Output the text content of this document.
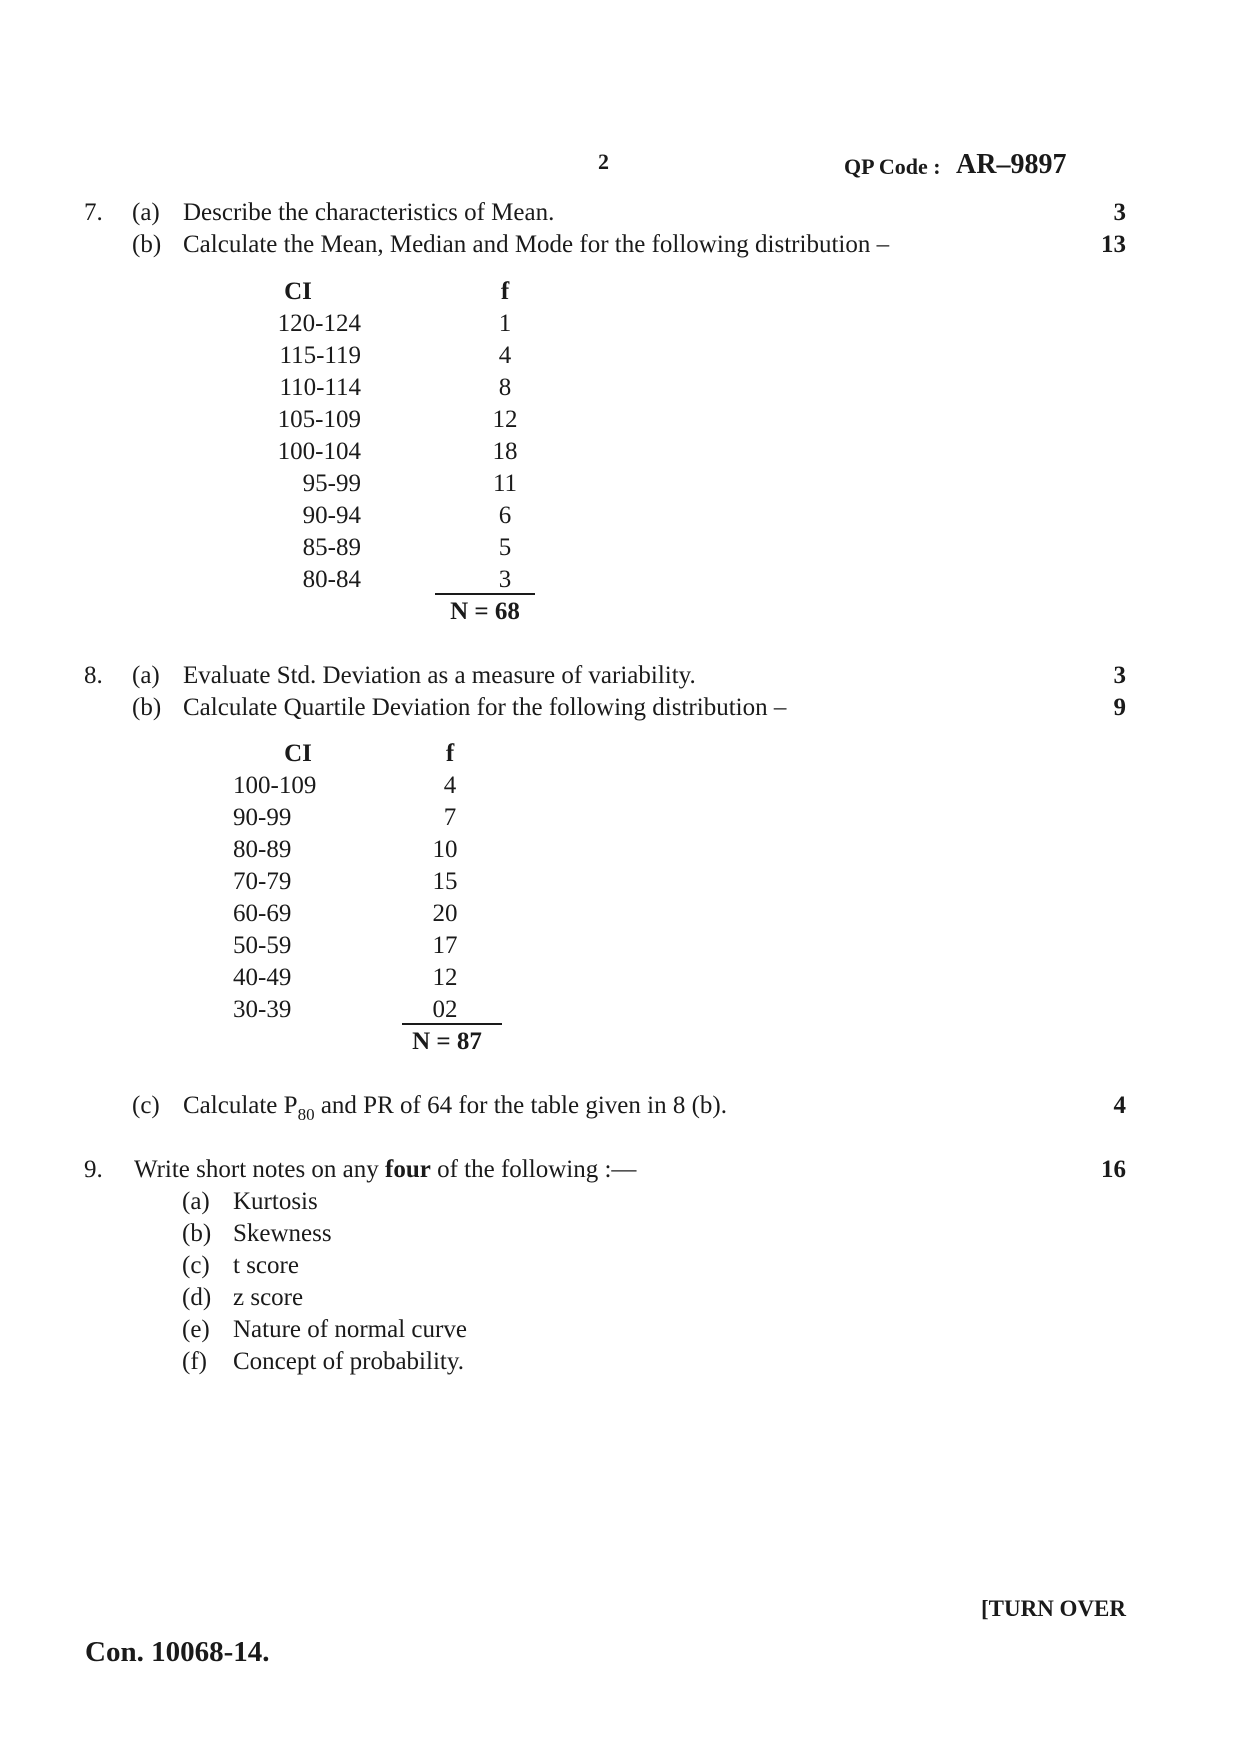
2	QP Code : AR–9897
7. (a) Describe the characteristics of Mean.	3
(b) Calculate the Mean, Median and Mode for the following distribution –	13
CI	f
120-124	1
115-119	4
110-114	8
105-109	12
100-104	18
95-99	11
90-94	6
85-89	5
80-84	3
N = 68
8. (a) Evaluate Std. Deviation as a measure of variability.	3
(b) Calculate Quartile Deviation for the following distribution –	9
CI	f
100-109	4
90-99	7
80-89	10
70-79	15
60-69	20
50-59	17
40-49	12
30-39	02
N = 87
(c) Calculate $P_{80}$ and PR of 64 for the table given in 8 (b).	4
9. Write short notes on any four of the following :—	16
(a) Kurtosis
(b) Skewness
(c) t score
(d) z score
(e) Nature of normal curve
(f) Concept of probability.
[TURN OVER
Con. 10068-14.
